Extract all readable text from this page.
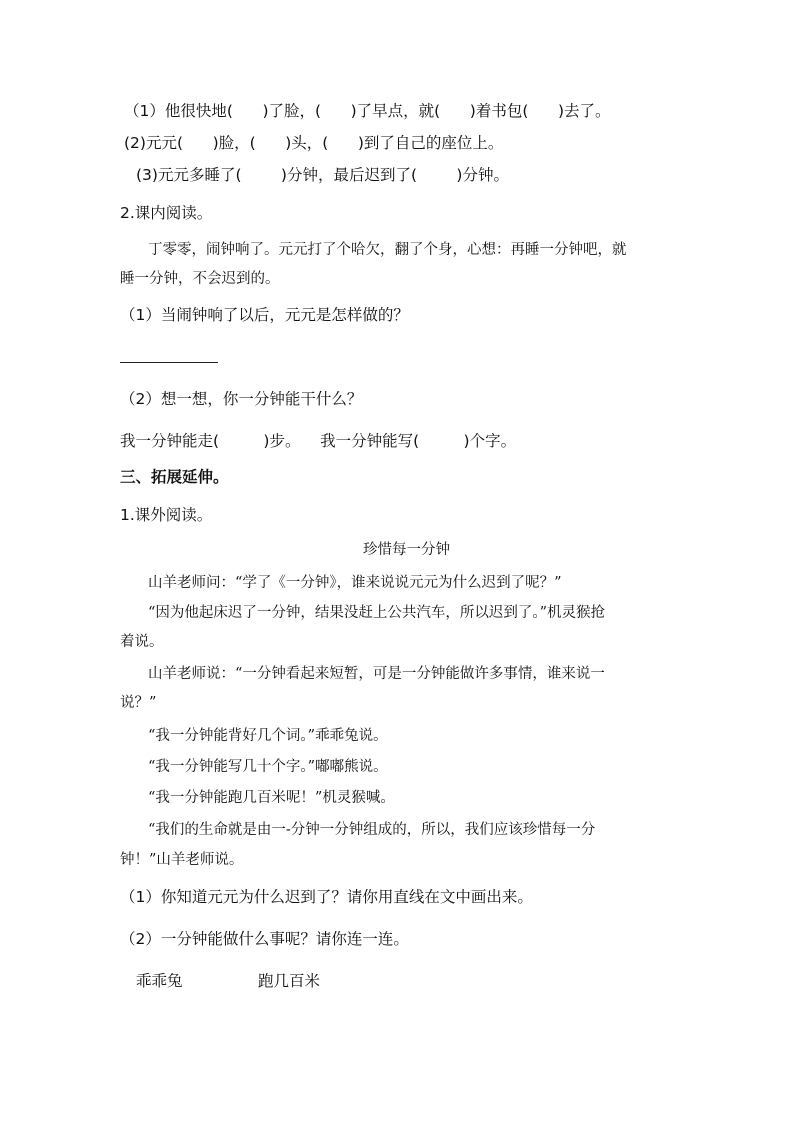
（1）他很快地(      )了脸，(      )了早点，就(      )着书包(      )去了。
(2)元元(      )脸，(      )头，(      )到了自己的座位上。
(3)元元多睡了(        )分钟，最后迟到了(        )分钟。
2.课内阅读。
丁零零，闹钟响了。元元打了个哈欠，翻了个身，心想：再睡一分钟吧，就
睡一分钟，不会迟到的。
（1）当闹钟响了以后，元元是怎样做的？
（2）想一想，你一分钟能干什么？
我一分钟能走(         )步。    我一分钟能写(         )个字。
三、拓展延伸。
1.课外阅读。
珍惜每一分钟
山羊老师问：“学了《一分钟》，谁来说说元元为什么迟到了呢？”
“因为他起床迟了一分钟，结果没赶上公共汽车，所以迟到了。”机灵猴抢
着说。
山羊老师说：“一分钟看起来短暂，可是一分钟能做许多事情，谁来说一
说？”
“我一分钟能背好几个词。”乖乖兔说。
“我一分钟能写几十个字。”嘟嘟熊说。
“我一分钟能跑几百米呢！”机灵猴喊。
“我们的生命就是由一-分钟一分钟组成的，所以，我们应该珍惜每一分
钟！”山羊老师说。
（1）你知道元元为什么迟到了？请你用直线在文中画出来。
（2）一分钟能做什么事呢？请你连一连。
乖乖兔	跑几百米
